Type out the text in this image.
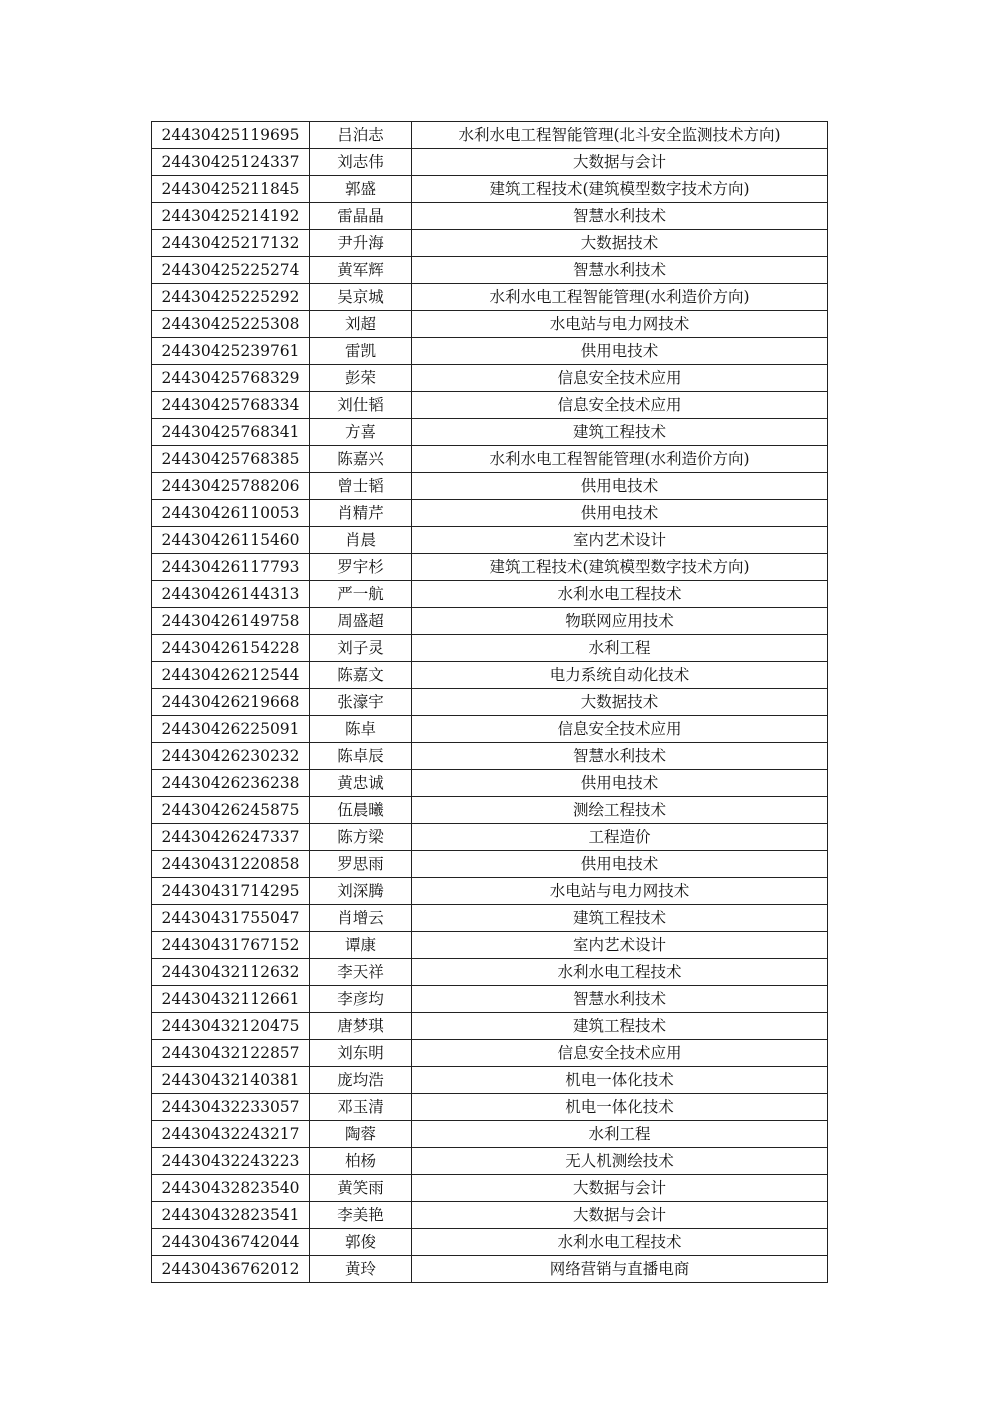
24430425119695	吕泊志	水利水电工程智能管理(北斗安全监测技术方向)
24430425124337	刘志伟	大数据与会计
24430425211845	郭盛	建筑工程技术(建筑模型数字技术方向)
24430425214192	雷晶晶	智慧水利技术
24430425217132	尹升海	大数据技术
24430425225274	黄军辉	智慧水利技术
24430425225292	吴京城	水利水电工程智能管理(水利造价方向)
24430425225308	刘超	水电站与电力网技术
24430425239761	雷凯	供用电技术
24430425768329	彭荣	信息安全技术应用
24430425768334	刘仕韬	信息安全技术应用
24430425768341	方喜	建筑工程技术
24430425768385	陈嘉兴	水利水电工程智能管理(水利造价方向)
24430425788206	曾士韬	供用电技术
24430426110053	肖精芹	供用电技术
24430426115460	肖晨	室内艺术设计
24430426117793	罗宇杉	建筑工程技术(建筑模型数字技术方向)
24430426144313	严一航	水利水电工程技术
24430426149758	周盛超	物联网应用技术
24430426154228	刘子灵	水利工程
24430426212544	陈嘉文	电力系统自动化技术
24430426219668	张濠宇	大数据技术
24430426225091	陈卓	信息安全技术应用
24430426230232	陈卓辰	智慧水利技术
24430426236238	黄忠诚	供用电技术
24430426245875	伍晨曦	测绘工程技术
24430426247337	陈方梁	工程造价
24430431220858	罗思雨	供用电技术
24430431714295	刘深腾	水电站与电力网技术
24430431755047	肖增云	建筑工程技术
24430431767152	谭康	室内艺术设计
24430432112632	李天祥	水利水电工程技术
24430432112661	李彦均	智慧水利技术
24430432120475	唐梦琪	建筑工程技术
24430432122857	刘东明	信息安全技术应用
24430432140381	庞均浩	机电一体化技术
24430432233057	邓玉清	机电一体化技术
24430432243217	陶蓉	水利工程
24430432243223	柏杨	无人机测绘技术
24430432823540	黄笑雨	大数据与会计
24430432823541	李美艳	大数据与会计
24430436742044	郭俊	水利水电工程技术
24430436762012	黄玲	网络营销与直播电商
